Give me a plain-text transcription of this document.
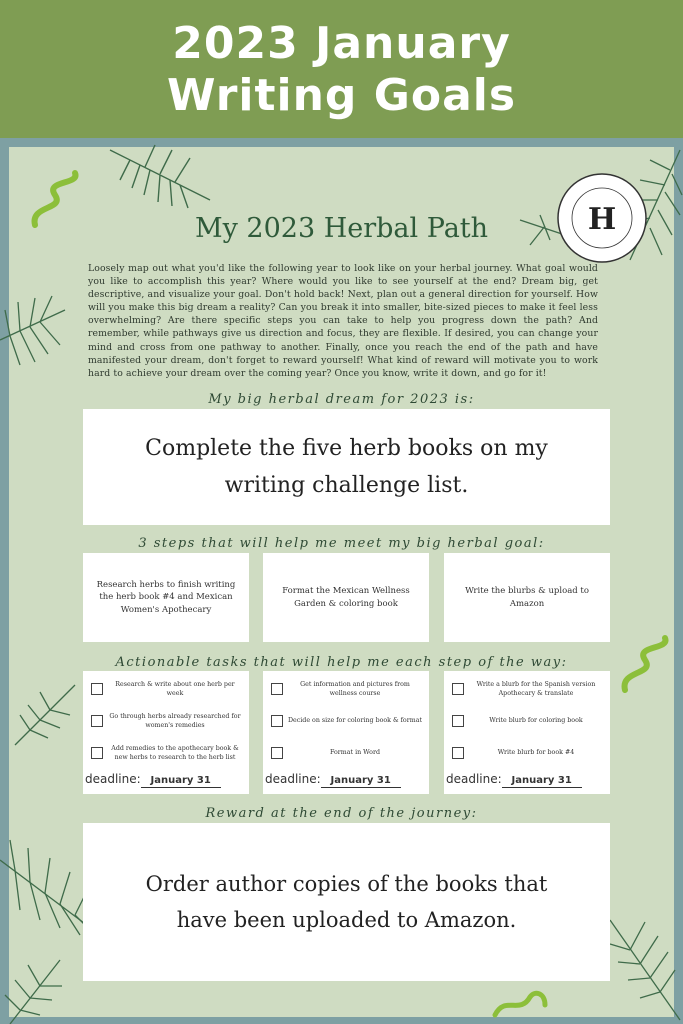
2023 January
Writing Goals
H
My 2023 Herbal Path
Loosely map out what you'd like the following year to look like on your herbal journey. What goal would you like to accomplish this year? Where would you like to see yourself at the end? Dream big, get descriptive, and visualize your goal. Don't hold back! Next, plan out a general direction for yourself. How will you make this big dream a reality? Can you break it into smaller, bite-sized pieces to make it feel less overwhelming? Are there specific steps you can take to help you progress down the path? And remember, while pathways give us direction and focus, they are flexible. If desired, you can change your mind and cross from one pathway to another. Finally, once you reach the end of the path and have manifested your dream, don't forget to reward yourself! What kind of reward will motivate you to work hard to achieve your dream over the coming year? Once you know, write it down, and go for it!
My big herbal dream for 2023 is:
Complete the five herb books on my writing challenge list.
3 steps that will help me meet my big herbal goal:
Research herbs to finish writing the herb book #4 and Mexican Women's Apothecary
Format the Mexican Wellness Garden & coloring book
Write the blurbs & upload to Amazon
Actionable tasks that will help me each step of the way:
Research & write about one herb per week
Go through herbs already researched for women's remedies
Add remedies to the apothecary book & new herbs to research to the herb list
deadline: January 31
Get information and pictures from wellness course
Decide on size for coloring book & format
Format in Word
deadline: January 31
Write a blurb for the Spanish version Apothecary & translate
Write blurb for coloring book
Write blurb for book #4
deadline: January 31
Reward at the end of the journey:
Order author copies of the books that have been uploaded to Amazon.
